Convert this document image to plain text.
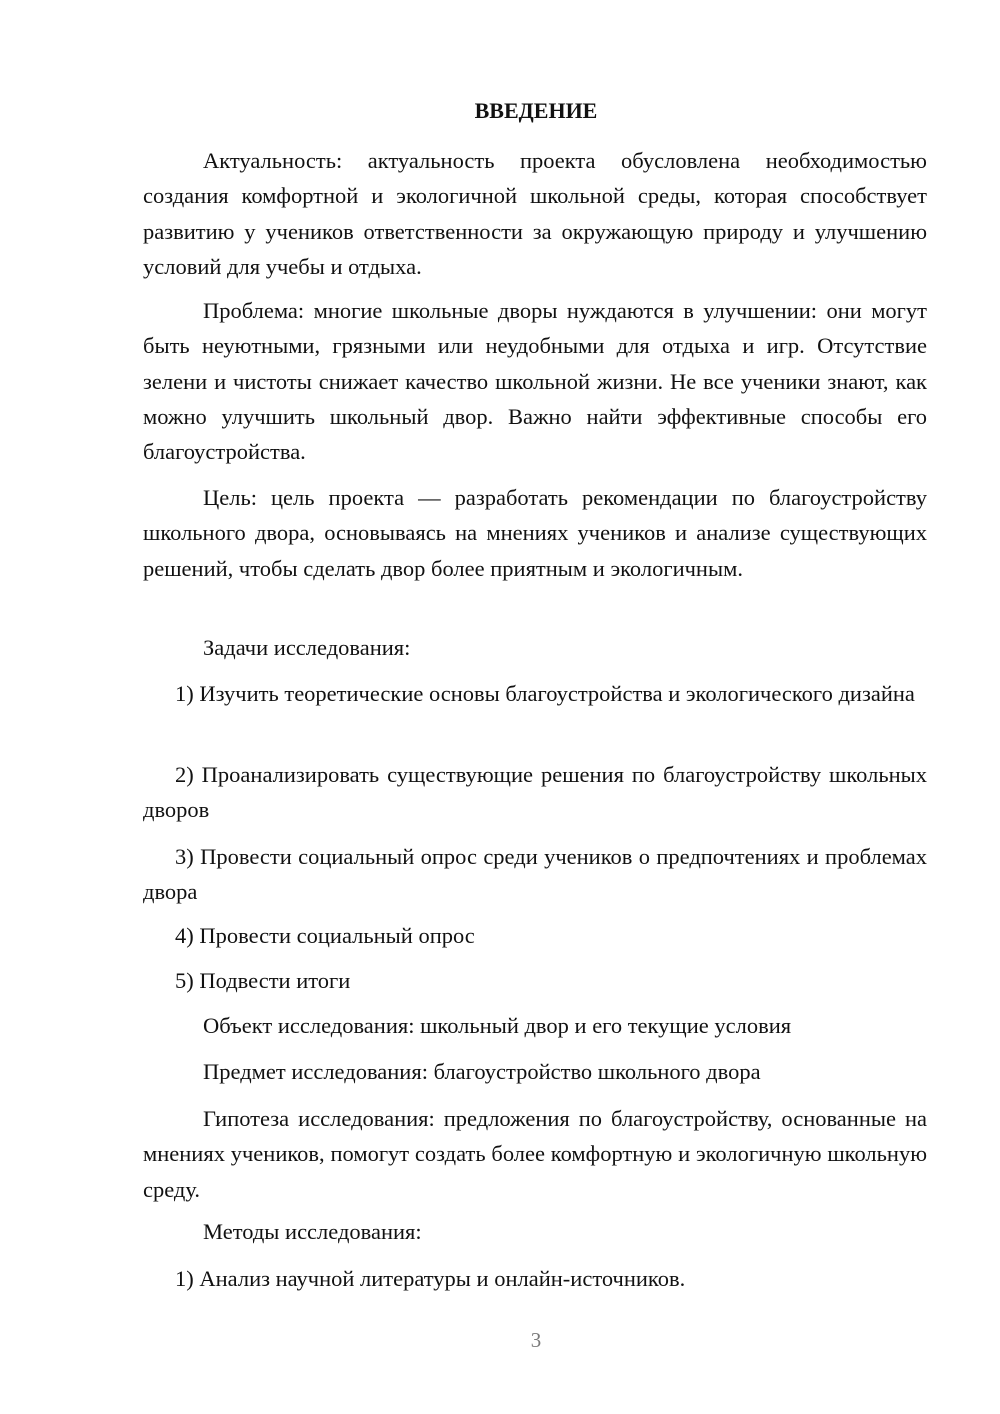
ВВЕДЕНИЕ

Актуальность: актуальность проекта обусловлена необходимостью создания комфортной и экологичной школьной среды, которая способствует развитию у учеников ответственности за окружающую природу и улучшению условий для учебы и отдыха.

Проблема: многие школьные дворы нуждаются в улучшении: они могут быть неуютными, грязными или неудобными для отдыха и игр. Отсутствие зелени и чистоты снижает качество школьной жизни. Не все ученики знают, как можно улучшить школьный двор. Важно найти эффективные способы его благоустройства.

Цель: цель проекта — разработать рекомендации по благоустройству школьного двора, основываясь на мнениях учеников и анализе существующих решений, чтобы сделать двор более приятным и экологичным.

Задачи исследования:

1) Изучить теоретические основы благоустройства и экологического дизайна

2) Проанализировать существующие решения по благоустройству школьных дворов

3) Провести социальный опрос среди учеников о предпочтениях и проблемах двора

4) Провести социальный опрос

5) Подвести итоги

Объект исследования: школьный двор и его текущие условия

Предмет исследования: благоустройство школьного двора

Гипотеза исследования: предложения по благоустройству, основанные на мнениях учеников, помогут создать более комфортную и экологичную школьную среду.

Методы исследования:

1) Анализ научной литературы и онлайн-источников.

3
